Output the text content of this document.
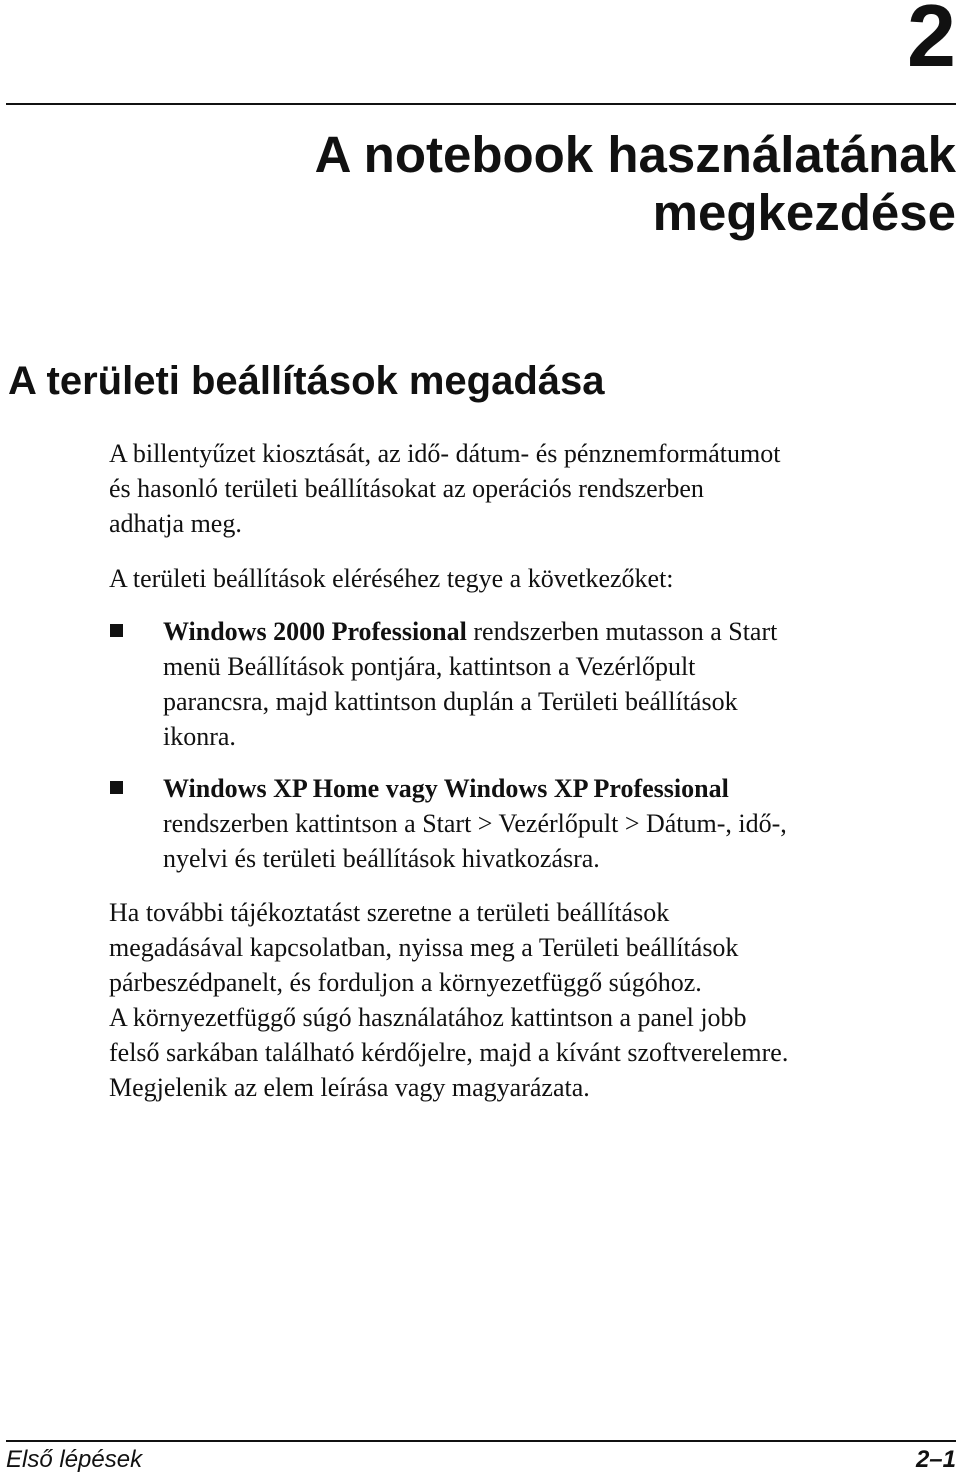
2
A notebook használatának
megkezdése
A területi beállítások megadása

A billentyűzet kiosztását, az idő- dátum- és pénznemformátumot
és hasonló területi beállításokat az operációs rendszerben
adhatja meg.

A területi beállítások eléréséhez tegye a következőket:

Windows 2000 Professional rendszerben mutasson a Start
menü Beállítások pontjára, kattintson a Vezérlőpult
parancsra, majd kattintson duplán a Területi beállítások
ikonra.
Windows XP Home vagy Windows XP Professional
rendszerben kattintson a Start > Vezérlőpult > Dátum-, idő-,
nyelvi és területi beállítások hivatkozásra.

Ha további tájékoztatást szeretne a területi beállítások
megadásával kapcsolatban, nyissa meg a Területi beállítások
párbeszédpanelt, és forduljon a környezetfüggő súgóhoz.
A környezetfüggő súgó használatához kattintson a panel jobb
felső sarkában található kérdőjelre, majd a kívánt szoftverelemre.
Megjelenik az elem leírása vagy magyarázata.

Első lépések	2–1
